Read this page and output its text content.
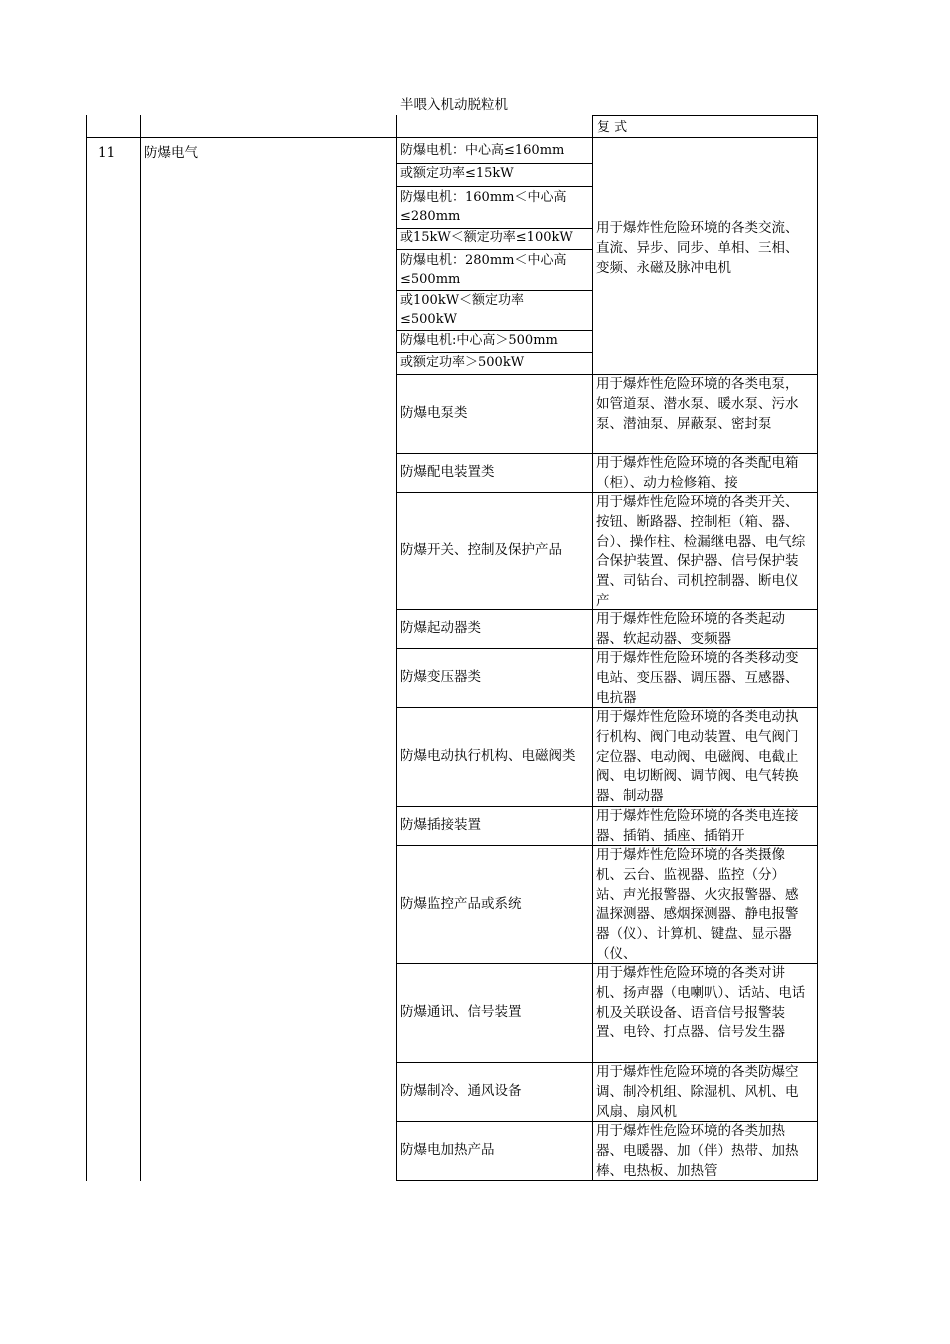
半喂入机动脱粒机
复 式
11 防爆电气	防爆电机：中心高≤160mm
或额定功率≤15kW
防爆电机：160mm＜中心高≤280mm
或15kW＜额定功率≤100kW
防爆电机：280mm＜中心高≤500mm
或100kW＜额定功率≤500kW
防爆电机:中心高＞500mm
或额定功率＞500kW
用于爆炸性危险环境的各类交流、直流、异步、同步、单相、三相、变频、永磁及脉冲电机
防爆电泵类
用于爆炸性危险环境的各类电泵，如管道泵、潜水泵、暖水泵、污水泵、潜油泵、屏蔽泵、密封泵
防爆配电装置类
用于爆炸性危险环境的各类配电箱（柜）、动力检修箱、接
防爆开关、控制及保护产品
用于爆炸性危险环境的各类开关、按钮、断路器、控制柜（箱、器、台）、操作柱、检漏继电器、电气综合保护装置、保护器、信号保护装置、司钻台、司机控制器、断电仪产
防爆起动器类
用于爆炸性危险环境的各类起动器、软起动器、变频器
防爆变压器类
用于爆炸性危险环境的各类移动变电站、变压器、调压器、互感器、电抗器
防爆电动执行机构、电磁阀类
用于爆炸性危险环境的各类电动执行机构、阀门电动装置、电气阀门定位器、电动阀、电磁阀、电截止阀、电切断阀、调节阀、电气转换器、制动器
防爆插接装置
用于爆炸性危险环境的各类电连接器、插销、插座、插销开
防爆监控产品或系统
用于爆炸性危险环境的各类摄像机、云台、监视器、监控（分）站、声光报警器、火灾报警器、感温探测器、感烟探测器、静电报警器（仪）、计算机、键盘、显示器（仪、
防爆通讯、信号装置
用于爆炸性危险环境的各类对讲机、扬声器（电喇叭）、话站、电话机及关联设备、语音信号报警装置、电铃、打点器、信号发生器
防爆制冷、通风设备
用于爆炸性危险环境的各类防爆空调、制冷机组、除湿机、风机、电风扇、扇风机
防爆电加热产品
用于爆炸性危险环境的各类加热器、电暖器、加（伴）热带、加热棒、电热板、加热管
